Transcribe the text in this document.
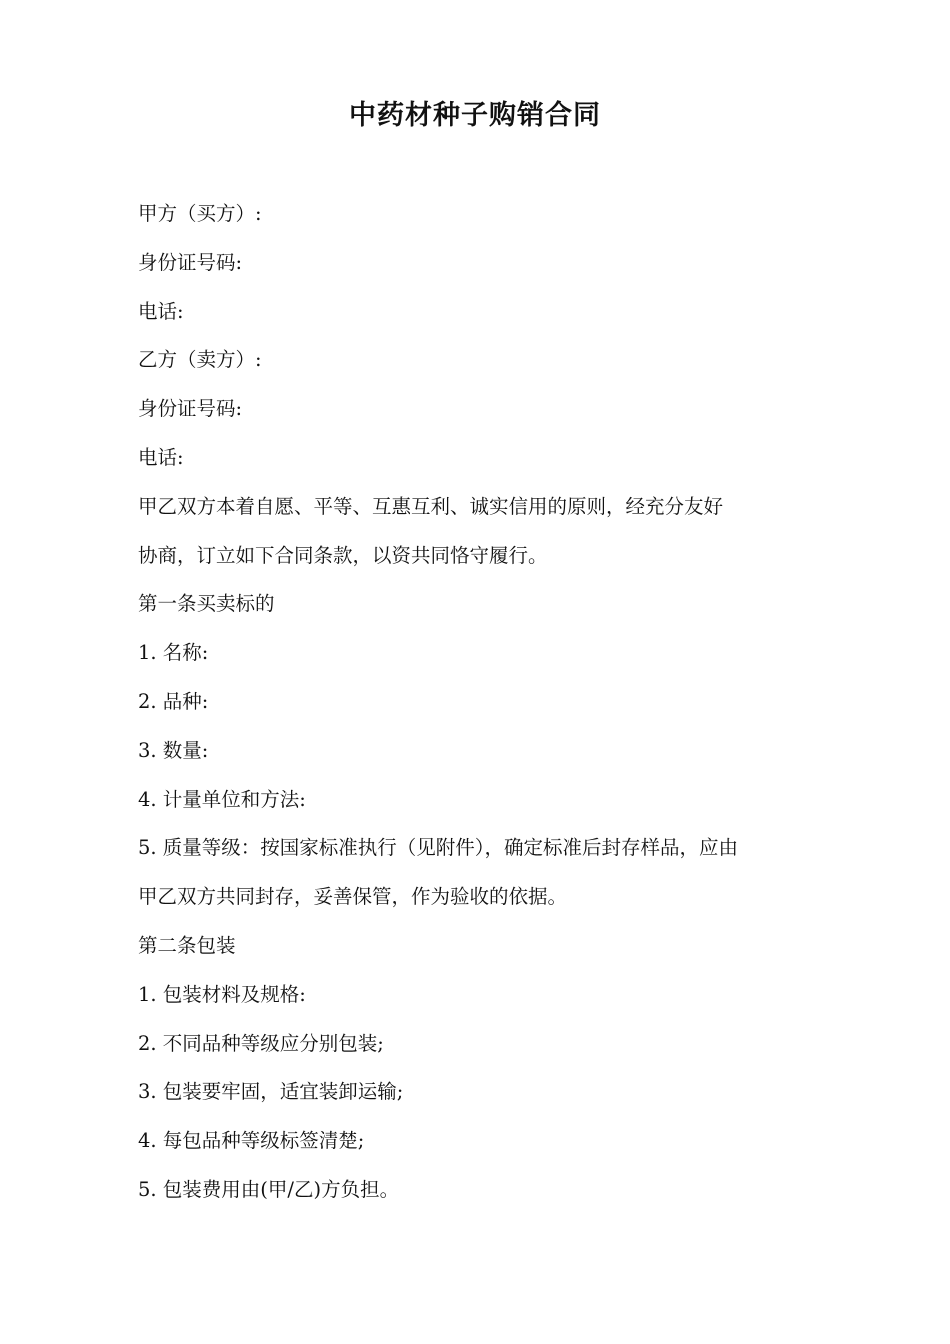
中药材种子购销合同
甲方（买方）:
身份证号码:
电话:
乙方（卖方）:
身份证号码:
电话:
甲乙双方本着自愿、平等、互惠互利、诚实信用的原则，经充分友好
协商，订立如下合同条款，以资共同恪守履行。
第一条买卖标的
1. 名称:
2. 品种:
3. 数量:
4. 计量单位和方法:
5. 质量等级：按国家标准执行（见附件），确定标准后封存样品，应由
甲乙双方共同封存，妥善保管，作为验收的依据。
第二条包装
1. 包装材料及规格:
2. 不同品种等级应分别包装;
3. 包装要牢固，适宜装卸运输;
4. 每包品种等级标签清楚;
5. 包装费用由(甲/乙)方负担。
